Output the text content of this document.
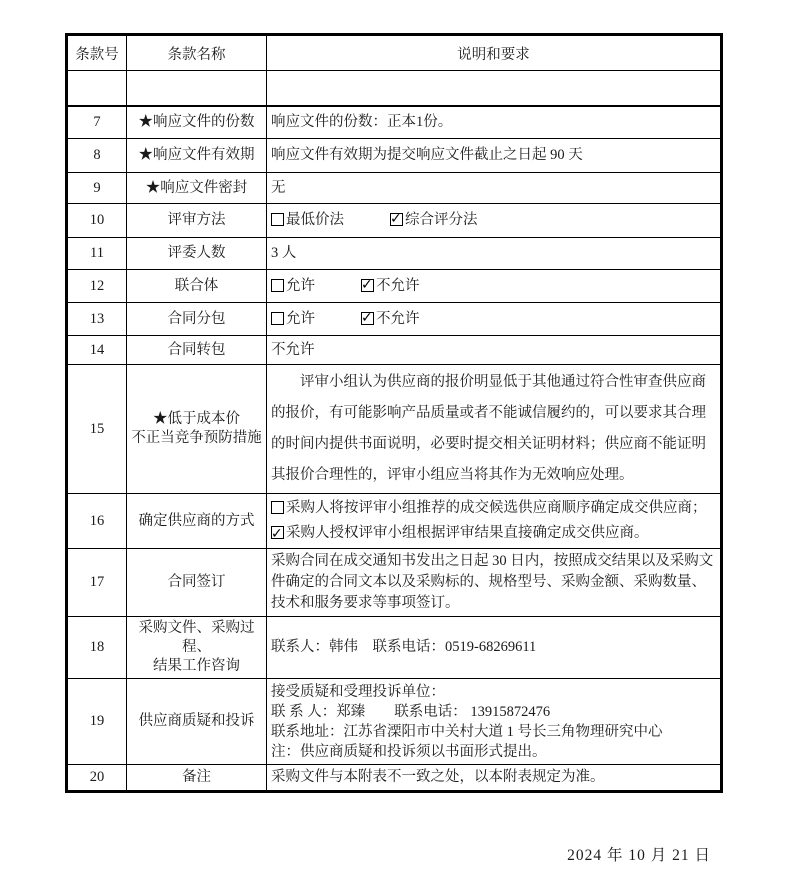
条款号	条款名称	说明和要求

7	★响应文件的份数	响应文件的份数：正本1份。

8	★响应文件有效期	响应文件有效期为提交响应文件截止之日起 90 天

9	★响应文件密封	无

10	评审方法	最低价法 ✓ 综合评分法

11	评委人数	3 人

12	联合体	允许 ✓ 不允许

13	合同分包	允许 ✓ 不允许

14	合同转包	不允许

15	★低于成本价
不正当竞争预防措施	评审小组认为供应商的报价明显低于其他通过符合性审查供应商的报价，有可能影响产品质量或者不能诚信履约的，可以要求其合理的时间内提供书面说明，必要时提交相关证明材料；供应商不能证明其报价合理性的，评审小组应当将其作为无效响应处理。

16	确定供应商的方式	采购人将按评审小组推荐的成交候选供应商顺序确定成交供应商；
✓采购人授权评审小组根据评审结果直接确定成交供应商。

17	合同签订	采购合同在成交通知书发出之日起 30 日内，按照成交结果以及采购文件确定的合同文本以及采购标的、规格型号、采购金额、采购数量、技术和服务要求等事项签订。

18	采购文件、采购过程、
结果工作咨询	联系人：韩伟　联系电话：0519-68269611

19	供应商质疑和投诉	接受质疑和受理投诉单位：
联 系 人：郑臻　　联系电话： 13915872476
联系地址：江苏省溧阳市中关村大道 1 号长三角物理研究中心
注：供应商质疑和投诉须以书面形式提出。

20	备注	采购文件与本附表不一致之处，以本附表规定为准。
2024 年 10 月 21 日
